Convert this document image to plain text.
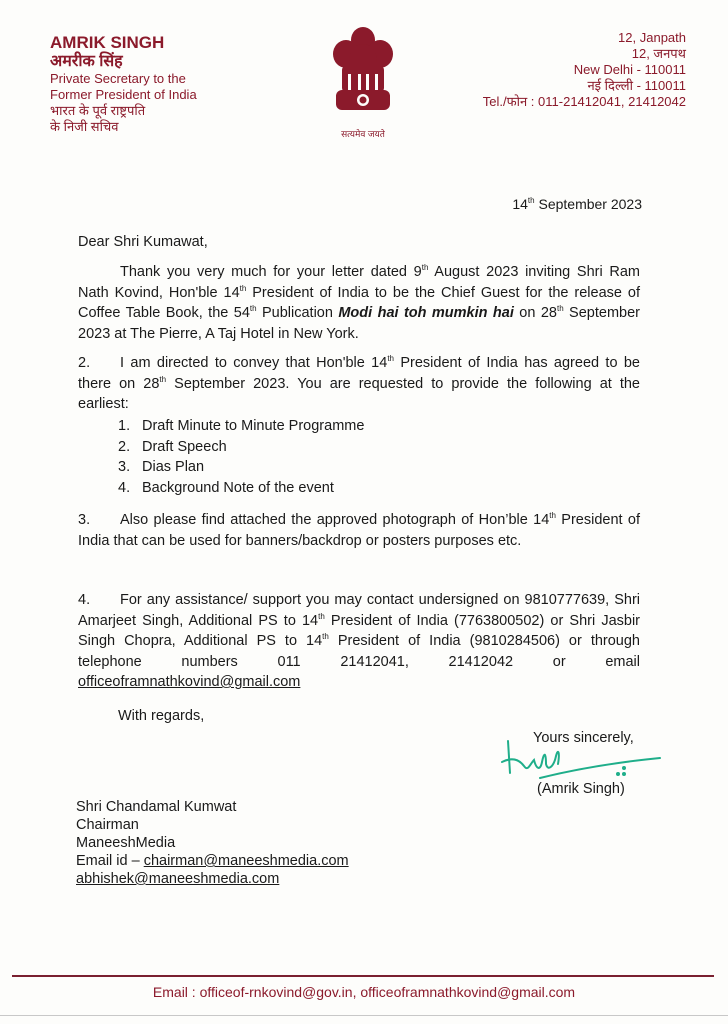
AMRIK SINGH
अमरीक सिंह
Private Secretary to the
Former President of India
भारत के पूर्व राष्ट्रपति
के निजी सचिव	सत्यमेव जयते
12, Janpath
12, जनपथ
New Delhi - 110011
नई दिल्ली - 110011
Tel./फोन : 011-21412041, 21412042
14th September 2023
Dear Shri Kumawat,
Thank you very much for your letter dated 9th August 2023 inviting Shri Ram Nath Kovind, Hon'ble 14th President of India to be the Chief Guest for the release of Coffee Table Book, the 54th Publication Modi hai toh mumkin hai on 28th September 2023 at The Pierre, A Taj Hotel in New York.
2. I am directed to convey that Hon'ble 14th President of India has agreed to be there on 28th September 2023. You are requested to provide the following at the earliest:
1. Draft Minute to Minute Programme
2. Draft Speech
3. Dias Plan
4. Background Note of the event
3. Also please find attached the approved photograph of Hon’ble 14th President of India that can be used for banners/backdrop or posters purposes etc.
4. For any assistance/ support you may contact undersigned on 9810777639, Shri Amarjeet Singh, Additional PS to 14th President of India (7763800502) or Shri Jasbir Singh Chopra, Additional PS to 14th President of India (9810284506) or through telephone numbers 011 21412041, 21412042 or email officeoframnathkovind@gmail.com
With regards,
Yours sincerely,
(Amrik Singh)
Shri Chandamal Kumwat
Chairman
ManeeshMedia
Email id – chairman@maneeshmedia.com
abhishek@maneeshmedia.com
Email : officeof-rnkovind@gov.in, officeoframnathkovind@gmail.com
